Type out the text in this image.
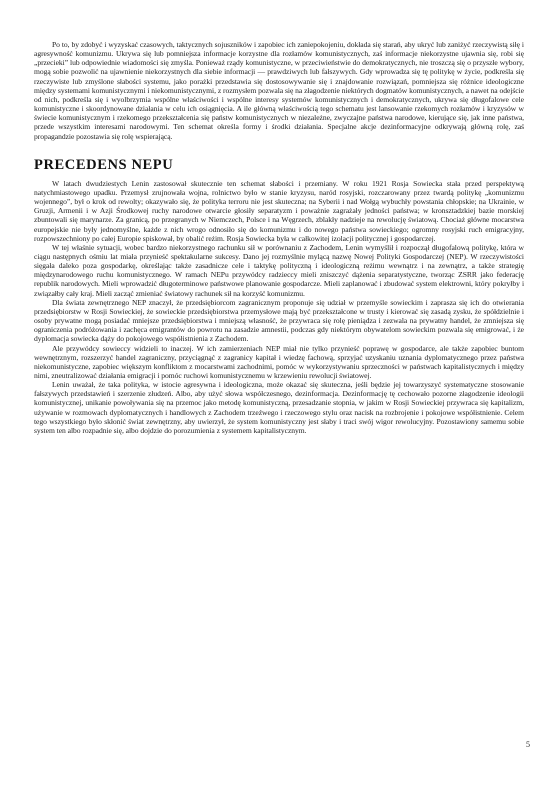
Po to, by zdobyć i wyzyskać czasowych, taktycznych sojuszników i zapobiec ich zaniepokojeniu, dokłada się starań, aby ukryć lub zaniżyć rzeczywistą siłę i agresywność komunizmu. Ukrywa się lub pomniejsza informacje korzystne dla rozłamów komunistycznych, zaś informacje niekorzystne ujawnia się, robi się „przecieki” lub odpowiednie wiadomości się zmyśla. Ponieważ rządy komunistyczne, w przeciwieństwie do demokratycznych, nie troszczą się o przyszłe wybory, mogą sobie pozwolić na ujawnienie niekorzystnych dla siebie informacji — prawdziwych lub fałszywych. Gdy wprowadza się tę politykę w życie, podkreśla się rzeczywiste lub zmyślone słabości systemu, jako porażki przedstawia się dostosowywanie się i znajdowanie rozwiązań, pomniejsza się różnice ideologiczne między systemami komunistycznymi i niekomunistycznymi, z rozmysłem pozwala się na złagodzenie niektórych dogmatów komunistycznych, a nawet na odejście od nich, podkreśla się i wyolbrzymia wspólne właściwości i wspólne interesy systemów komunistycznych i demokratycznych, ukrywa się długofalowe cele komunistyczne i skoordynowane działania w celu ich osiągnięcia. A ile główną właściwością tego schematu jest lansowanie rzekomych rozłamów i kryzysów w świecie komunistycznym i rzekomego przekształcenia się państw komunistycznych w niezależne, zwyczajne państwa narodowe, kierujące się, jak inne państwa, przede wszystkim interesami narodowymi. Ten schemat określa formy i środki działania. Specjalne akcje dezinformacyjne odkrywają główną rolę, zaś propagandzie pozostawia się rolę wspierającą.

PRECEDENS NEPU

W latach dwudziestych Lenin zastosował skutecznie ten schemat słabości i przemiany. W roku 1921 Rosja Sowiecka stała przed perspektywą natychmiastowego upadku. Przemysł zrujnowała wojna, rolnictwo było w stanie kryzysu, naród rosyjski, rozczarowany przez twardą politykę „komunizmu wojennego”, był o krok od rewolty; okazywało się, że polityka terroru nie jest skuteczna; na Syberii i nad Wołgą wybuchły powstania chłopskie; na Ukrainie, w Gruzji, Armenii i w Azji Środkowej ruchy narodowe otwarcie głosiły separatyzm i poważnie zagrażały jedności państwa; w kronsztadzkiej bazie morskiej zbuntowali się marynarze. Za granicą, po przegranych w Niemczech, Polsce i na Węgrzech, zblakły nadzieje na rewolucję światową. Chociaż główne mocarstwa europejskie nie były jednomyślne, każde z nich wrogo odnosiło się do komunizmu i do nowego państwa sowieckiego; ogromny rosyjski ruch emigracyjny, rozpowszechniony po całej Europie spiskował, by obalić reżim. Rosja Sowiecka była w całkowitej izolacji politycznej i gospodarczej.

W tej właśnie sytuacji, wobec bardzo niekorzystnego rachunku sił w porównaniu z Zachodem, Lenin wymyślił i rozpoczął długofalową politykę, która w ciągu następnych ośmiu lat miała przynieść spektakularne sukcesy. Dano jej rozmyślnie mylącą nazwę Nowej Polityki Gospodarczej (NEP). W rzeczywistości sięgała daleko poza gospodarkę, określając także zasadnicze cele i taktykę polityczną i ideologiczną reżimu wewnątrz i na zewnątrz, a także strategię międzynarodowego ruchu komunistycznego. W ramach NEPu przywódcy radzieccy mieli zniszczyć dążenia separatystyczne, tworząc ZSRR jako federację republik narodowych. Mieli wprowadzić długoterminowe państwowe planowanie gospodarcze. Mieli zaplanować i zbudować system elektrowni, który pokryłby i związałby cały kraj. Mieli zacząć zmieniać światowy rachunek sił na korzyść komunizmu.

Dla świata zewnętrznego NEP znaczył, że przedsiębiorcom zagranicznym proponuje się udział w przemyśle sowieckim i zaprasza się ich do otwierania przedsiębiorstw w Rosji Sowieckiej, że sowieckie przedsiębiorstwa przemysłowe mają być przekształcone w trusty i kierować się zasadą zysku, że spółdzielnie i osoby prywatne mogą posiadać mniejsze przedsiębiorstwa i mniejszą własność, że przywraca się rolę pieniądza i zezwala na prywatny handel, że zmniejsza się ograniczenia podróżowania i zachęca emigrantów do powrotu na zasadzie amnestii, podczas gdy niektórym obywatelom sowieckim pozwala się emigrować, i że dyplomacja sowiecka dąży do pokojowego współistnienia z Zachodem.

Ale przywódcy sowieccy widzieli to inaczej. W ich zamierzeniach NEP miał nie tylko przynieść poprawę w gospodarce, ale także zapobiec buntom wewnętrznym, rozszerzyć handel zagraniczny, przyciągnąć z zagranicy kapitał i wiedzę fachową, sprzyjać uzyskaniu uznania dyplomatycznego przez państwa niekomunistyczne, zapobiec większym konfliktom z mocarstwami zachodnimi, pomóc w wykorzystywaniu sprzeczności w państwach kapitalistycznych i między nimi, zneutralizować działania emigracji i pomóc ruchowi komunistycznemu w krzewieniu rewolucji światowej.

Lenin uważał, że taka polityka, w istocie agresywna i ideologiczna, może okazać się skuteczna, jeśli będzie jej towarzyszyć systematyczne stosowanie fałszywych przedstawień i szerzenie złudzeń. Albo, aby użyć słowa współczesnego, dezinformacja. Dezinformację tę cechowało pozorne złagodzenie ideologii komunistycznej, unikanie powoływania się na przemoc jako metodę komunistyczną, przesadzanie stopnia, w jakim w Rosji Sowieckiej przywraca się kapitalizm, używanie w rozmowach dyplomatycznych i handlowych z Zachodem trzeźwego i rzeczowego stylu oraz nacisk na rozbrojenie i pokojowe współistnienie. Celem tego wszystkiego było skłonić świat zewnętrzny, aby uwierzył, że system komunistyczny jest słaby i traci swój wigor rewolucyjny. Pozostawiony samemu sobie system ten albo rozpadnie się, albo dojdzie do porozumienia z systemem kapitalistycznym.

5
